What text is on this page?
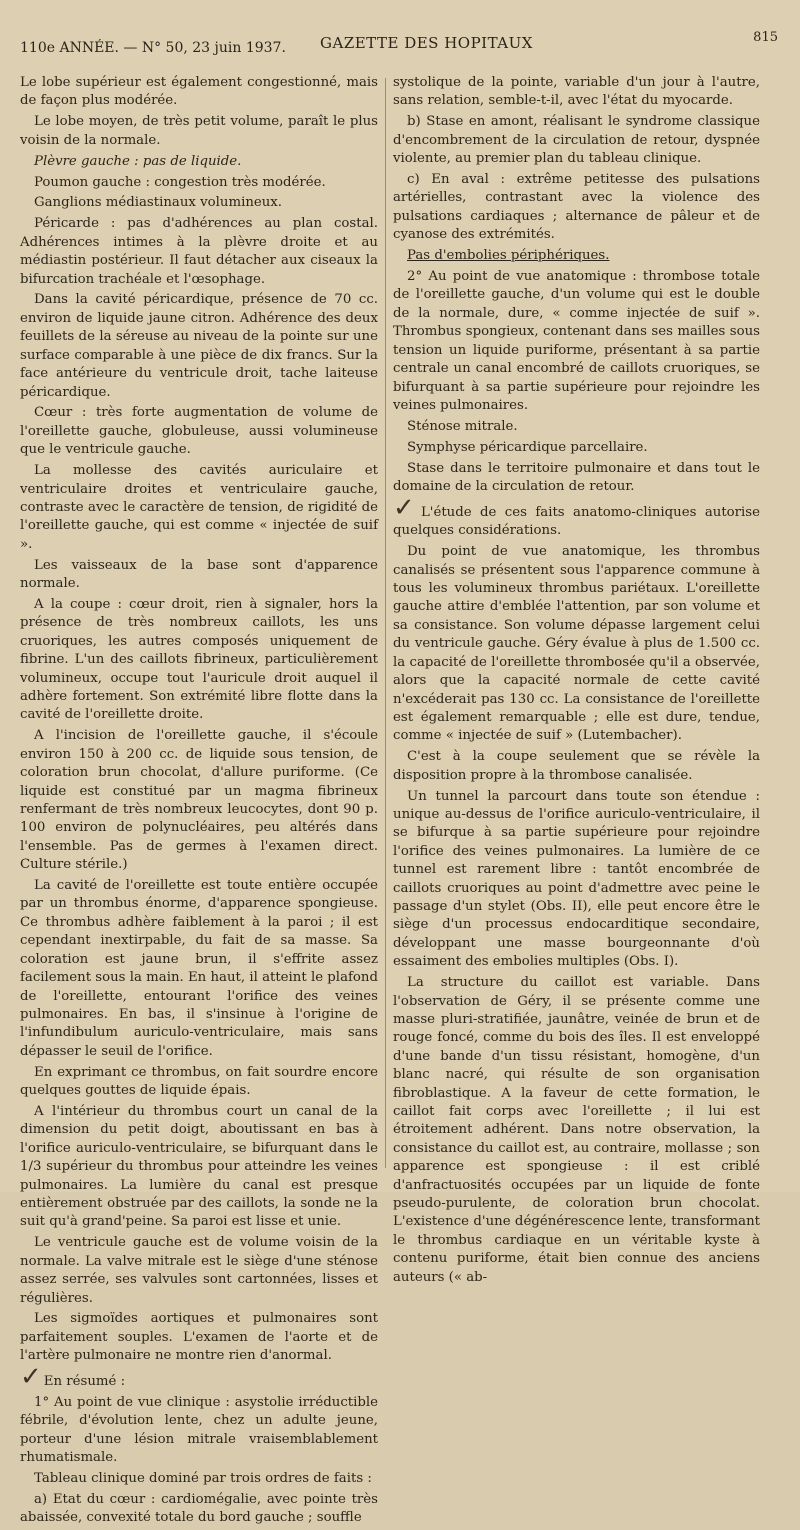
110e ANNÉE. — N° 50, 23 juin 1937. GAZETTE DES HOPITAUX	815

Le lobe supérieur est également congestionné, mais de façon plus modérée.

Le lobe moyen, de très petit volume, paraît le plus voisin de la normale.

Plèvre gauche : pas de liquide.

Poumon gauche : congestion très modérée.

Ganglions médiastinaux volumineux.

Péricarde : pas d'adhérences au plan costal. Adhérences intimes à la plèvre droite et au médiastin postérieur. Il faut détacher aux ciseaux la bifurcation trachéale et l'œsophage.

Dans la cavité péricardique, présence de 70 cc. environ de liquide jaune citron. Adhérence des deux feuillets de la séreuse au niveau de la pointe sur une surface comparable à une pièce de dix francs. Sur la face antérieure du ventricule droit, tache laiteuse péricardique.

Cœur : très forte augmentation de volume de l'oreillette gauche, globuleuse, aussi volumineuse que le ventricule gauche.

La mollesse des cavités auriculaire et ventriculaire droites et ventriculaire gauche, contraste avec le caractère de tension, de rigidité de l'oreillette gauche, qui est comme « injectée de suif ».

Les vaisseaux de la base sont d'apparence normale.

A la coupe : cœur droit, rien à signaler, hors la présence de très nombreux caillots, les uns cruoriques, les autres composés uniquement de fibrine. L'un des caillots fibrineux, particulièrement volumineux, occupe tout l'auricule droit auquel il adhère fortement. Son extrémité libre flotte dans la cavité de l'oreillette droite.

A l'incision de l'oreillette gauche, il s'écoule environ 150 à 200 cc. de liquide sous tension, de coloration brun chocolat, d'allure puriforme. (Ce liquide est constitué par un magma fibrineux renfermant de très nombreux leucocytes, dont 90 p. 100 environ de polynucléaires, peu altérés dans l'ensemble. Pas de germes à l'examen direct. Culture stérile.)

La cavité de l'oreillette est toute entière occupée par un thrombus énorme, d'apparence spongieuse. Ce thrombus adhère faiblement à la paroi ; il est cependant inextirpable, du fait de sa masse. Sa coloration est jaune brun, il s'effrite assez facilement sous la main. En haut, il atteint le plafond de l'oreillette, entourant l'orifice des veines pulmonaires. En bas, il s'insinue à l'origine de l'infundibulum auriculo-ventriculaire, mais sans dépasser le seuil de l'orifice.

En exprimant ce thrombus, on fait sourdre encore quelques gouttes de liquide épais.

A l'intérieur du thrombus court un canal de la dimension du petit doigt, aboutissant en bas à l'orifice auriculo-ventriculaire, se bifurquant dans le 1/3 supérieur du thrombus pour atteindre les veines pulmonaires. La lumière du canal est presque entièrement obstruée par des caillots, la sonde ne la suit qu'à grand'peine. Sa paroi est lisse et unie.

Le ventricule gauche est de volume voisin de la normale. La valve mitrale est le siège d'une sténose assez serrée, ses valvules sont cartonnées, lisses et régulières.

Les sigmoïdes aortiques et pulmonaires sont parfaitement souples. L'examen de l'aorte et de l'artère pulmonaire ne montre rien d'anormal.

✓ En résumé :

1° Au point de vue clinique : asystolie irréductible fébrile, d'évolution lente, chez un adulte jeune, porteur d'une lésion mitrale vraisemblablement rhumatismale.

Tableau clinique dominé par trois ordres de faits :

a) Etat du cœur : cardiomégalie, avec pointe très abaissée, convexité totale du bord gauche ; souffle

systolique de la pointe, variable d'un jour à l'autre, sans relation, semble-t-il, avec l'état du myocarde.

b) Stase en amont, réalisant le syndrome classique d'encombrement de la circulation de retour, dyspnée violente, au premier plan du tableau clinique.

c) En aval : extrême petitesse des pulsations artérielles, contrastant avec la violence des pulsations cardiaques ; alternance de pâleur et de cyanose des extrémités.

Pas d'embolies périphériques.

2° Au point de vue anatomique : thrombose totale de l'oreillette gauche, d'un volume qui est le double de la normale, dure, « comme injectée de suif ». Thrombus spongieux, contenant dans ses mailles sous tension un liquide puriforme, présentant à sa partie centrale un canal encombré de caillots cruoriques, se bifurquant à sa partie supérieure pour rejoindre les veines pulmonaires.

Sténose mitrale.

Symphyse péricardique parcellaire.

Stase dans le territoire pulmonaire et dans tout le domaine de la circulation de retour.

✓ L'étude de ces faits anatomo-cliniques autorise quelques considérations.

Du point de vue anatomique, les thrombus canalisés se présentent sous l'apparence commune à tous les volumineux thrombus pariétaux. L'oreillette gauche attire d'emblée l'attention, par son volume et sa consistance. Son volume dépasse largement celui du ventricule gauche. Géry évalue à plus de 1.500 cc. la capacité de l'oreillette thrombosée qu'il a observée, alors que la capacité normale de cette cavité n'excéderait pas 130 cc. La consistance de l'oreillette est également remarquable ; elle est dure, tendue, comme « injectée de suif » (Lutembacher).

C'est à la coupe seulement que se révèle la disposition propre à la thrombose canalisée.

Un tunnel la parcourt dans toute son étendue : unique au-dessus de l'orifice auriculo-ventriculaire, il se bifurque à sa partie supérieure pour rejoindre l'orifice des veines pulmonaires. La lumière de ce tunnel est rarement libre : tantôt encombrée de caillots cruoriques au point d'admettre avec peine le passage d'un stylet (Obs. II), elle peut encore être le siège d'un processus endocarditique secondaire, développant une masse bourgeonnante d'où essaiment des embolies multiples (Obs. I).

La structure du caillot est variable. Dans l'observation de Géry, il se présente comme une masse pluri-stratifiée, jaunâtre, veinée de brun et de rouge foncé, comme du bois des îles. Il est enveloppé d'une bande d'un tissu résistant, homogène, d'un blanc nacré, qui résulte de son organisation fibroblastique. A la faveur de cette formation, le caillot fait corps avec l'oreillette ; il lui est étroitement adhérent. Dans notre observation, la consistance du caillot est, au contraire, mollasse ; son apparence est spongieuse : il est criblé d'anfractuosités occupées par un liquide de fonte pseudo-purulente, de coloration brun chocolat. L'existence d'une dégénérescence lente, transformant le thrombus cardiaque en un véritable kyste à contenu puriforme, était bien connue des anciens auteurs (« ab-
